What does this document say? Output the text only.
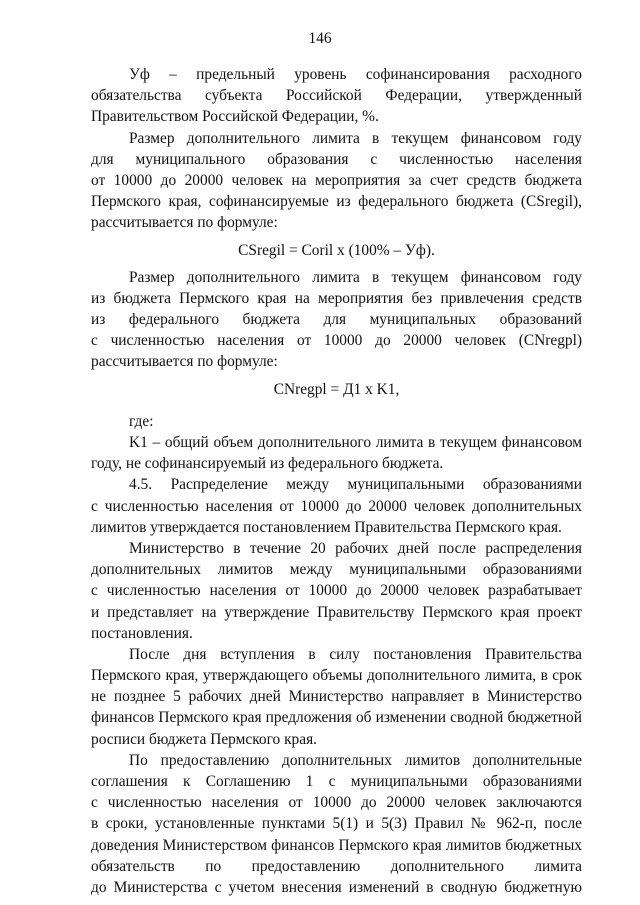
146
Уф – предельный уровень софинансирования расходного
обязательства субъекта Российской Федерации, утвержденный
Правительством Российской Федерации, %.
Размер дополнительного лимита в текущем финансовом году
для муниципального образования с численностью населения
от 10000 до 20000 человек на мероприятия за счет средств бюджета
Пермского края, софинансируемые из федерального бюджета (CSregil),
рассчитывается по формуле:
CSregil = Coril x (100% – Уф).
Размер дополнительного лимита в текущем финансовом году
из бюджета Пермского края на мероприятия без привлечения средств
из федерального бюджета для муниципальных образований
с численностью населения от 10000 до 20000 человек (CNregpl)
рассчитывается по формуле:
CNregpl = Д1 x K1,
где:
K1 – общий объем дополнительного лимита в текущем финансовом
году, не софинансируемый из федерального бюджета.
4.5. Распределение между муниципальными образованиями
с численностью населения от 10000 до 20000 человек дополнительных
лимитов утверждается постановлением Правительства Пермского края.
Министерство в течение 20 рабочих дней после распределения
дополнительных лимитов между муниципальными образованиями
с численностью населения от 10000 до 20000 человек разрабатывает
и представляет на утверждение Правительству Пермского края проект
постановления.
После дня вступления в силу постановления Правительства
Пермского края, утверждающего объемы дополнительного лимита, в срок
не позднее 5 рабочих дней Министерство направляет в Министерство
финансов Пермского края предложения об изменении сводной бюджетной
росписи бюджета Пермского края.
По предоставлению дополнительных лимитов дополнительные
соглашения к Соглашению 1 с муниципальными образованиями
с численностью населения от 10000 до 20000 человек заключаются
в сроки, установленные пунктами 5(1) и 5(3) Правил № 962-п, после
доведения Министерством финансов Пермского края лимитов бюджетных
обязательств по предоставлению дополнительного лимита
до Министерства с учетом внесения изменений в сводную бюджетную
